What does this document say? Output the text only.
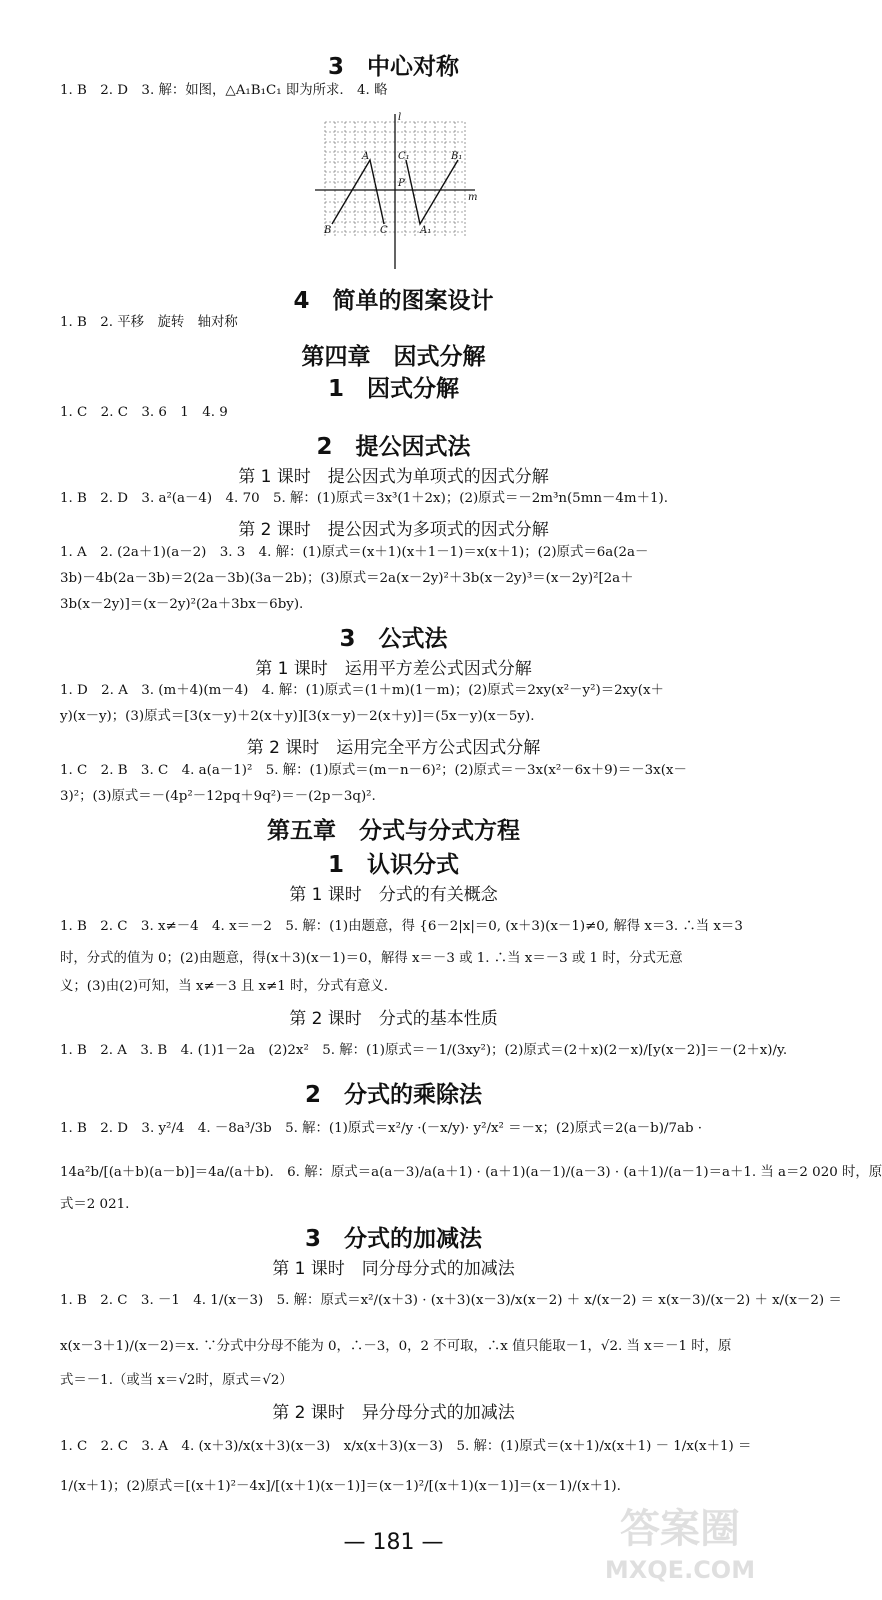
3　中心对称
1. B　2. D　3. 解：如图，△A₁B₁C₁ 即为所求.　4. 略
l
m
P
A
B	C	A₁
B₁
C₁
4　简单的图案设计
1. B　2. 平移　旋转　轴对称
第四章　因式分解
1　因式分解
1. C　2. C　3. 6　1　4. 9
2　提公因式法
第 1 课时　提公因式为单项式的因式分解
1. B　2. D　3. a²(a－4)　4. 70　5. 解：(1)原式＝3x³(1＋2x)；(2)原式＝－2m³n(5mn－4m＋1).
第 2 课时　提公因式为多项式的因式分解
1. A　2. (2a＋1)(a－2)　3. 3　4. 解：(1)原式＝(x＋1)(x＋1－1)＝x(x＋1)；(2)原式＝6a(2a－
3b)－4b(2a－3b)＝2(2a－3b)(3a－2b)；(3)原式＝2a(x－2y)²＋3b(x－2y)³＝(x－2y)²[2a＋
3b(x－2y)]＝(x－2y)²(2a＋3bx－6by).
3　公式法
第 1 课时　运用平方差公式因式分解
1. D　2. A　3. (m＋4)(m－4)　4. 解：(1)原式＝(1＋m)(1－m)；(2)原式＝2xy(x²－y²)＝2xy(x＋
y)(x－y)；(3)原式＝[3(x－y)＋2(x＋y)][3(x－y)－2(x＋y)]＝(5x－y)(x－5y).
第 2 课时　运用完全平方公式因式分解
1. C　2. B　3. C　4. a(a－1)²　5. 解：(1)原式＝(m－n－6)²；(2)原式＝－3x(x²－6x＋9)＝－3x(x－
3)²；(3)原式＝－(4p²－12pq＋9q²)＝－(2p－3q)².
第五章　分式与分式方程
1　认识分式
第 1 课时　分式的有关概念
1. B　2. C　3. x≠－4　4. x＝－2　5. 解：(1)由题意，得 {6－2|x|＝0, (x＋3)(x－1)≠0, 解得 x＝3. ∴当 x＝3
时，分式的值为 0；(2)由题意，得(x＋3)(x－1)＝0，解得 x＝－3 或 1. ∴当 x＝－3 或 1 时，分式无意
义；(3)由(2)可知，当 x≠－3 且 x≠1 时，分式有意义.
第 2 课时　分式的基本性质
1. B　2. A　3. B　4. (1)1－2a　(2)2x²　5. 解：(1)原式＝－1/(3xy²)；(2)原式＝(2＋x)(2－x)/[y(x－2)]＝－(2＋x)/y.
2　分式的乘除法
1. B　2. D　3. y²/4　4. －8a³/3b　5. 解：(1)原式＝x²/y ·(－x/y)· y²/x² ＝－x；(2)原式＝2(a－b)/7ab ·
14a²b/[(a＋b)(a－b)]＝4a/(a＋b).　6. 解：原式＝a(a－3)/a(a＋1) · (a＋1)(a－1)/(a－3) · (a＋1)/(a－1)＝a＋1. 当 a＝2 020 时，原
式＝2 021.
3　分式的加减法
第 1 课时　同分母分式的加减法
1. B　2. C　3. －1　4. 1/(x－3)　5. 解：原式＝x²/(x＋3) · (x＋3)(x－3)/x(x－2) ＋ x/(x－2) ＝ x(x－3)/(x－2) ＋ x/(x－2) ＝
x(x－3＋1)/(x－2)＝x. ∵分式中分母不能为 0，∴－3，0，2 不可取，∴x 值只能取－1，√2. 当 x＝－1 时，原
式＝－1.（或当 x＝√2时，原式＝√2）
第 2 课时　异分母分式的加减法
1. C　2. C　3. A　4. (x＋3)/x(x＋3)(x－3)　x/x(x＋3)(x－3)　5. 解：(1)原式＝(x＋1)/x(x＋1) － 1/x(x＋1) ＝
1/(x＋1)；(2)原式＝[(x＋1)²－4x]/[(x＋1)(x－1)]＝(x－1)²/[(x＋1)(x－1)]＝(x－1)/(x＋1).
— 181 —	答案圈
MXQE.COM
